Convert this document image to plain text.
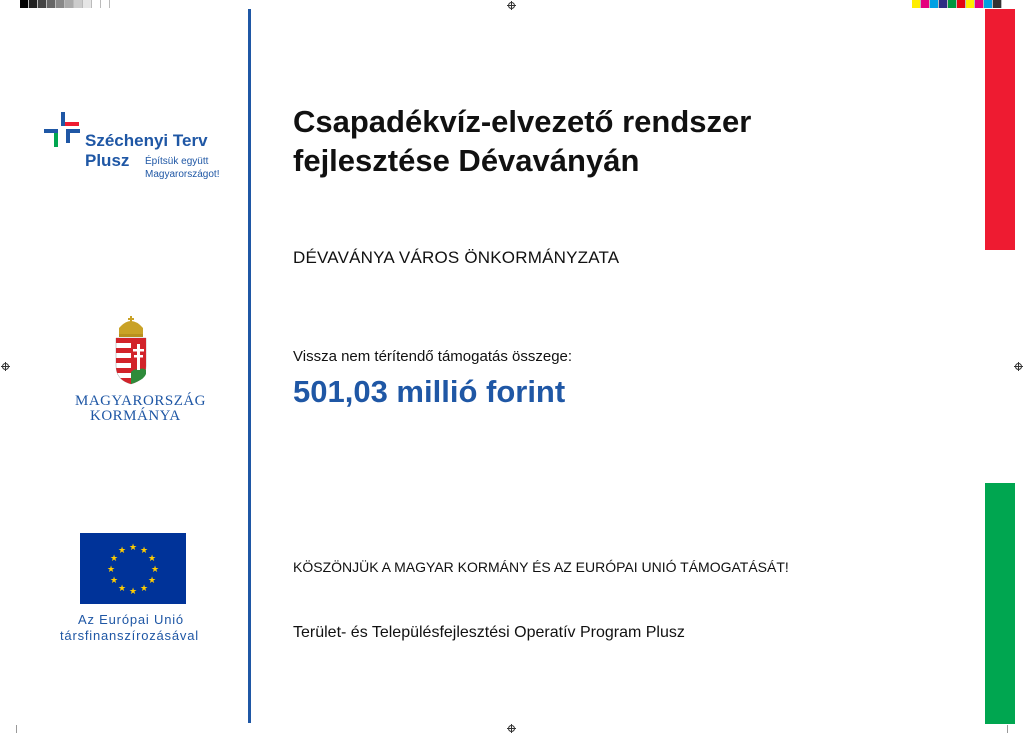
Széchenyi Terv
Plusz Építsük együtt
Magyarországot!
MAGYARORSZÁG
KORMÁNYA
★ ★
★
★
★
★
★
★
★
★
★
★
Az Európai Unió
társfinanszírozásával
Csapadékvíz-elvezető rendszer
fejlesztése Dévaványán
DÉVAVÁNYA VÁROS ÖNKORMÁNYZATA
Vissza nem térítendő támogatás összege:
501,03 millió forint
KÖSZÖNJÜK A MAGYAR KORMÁNY ÉS AZ EURÓPAI UNIÓ TÁMOGATÁSÁT!
Terület- és Településfejlesztési Operatív Program Plusz
